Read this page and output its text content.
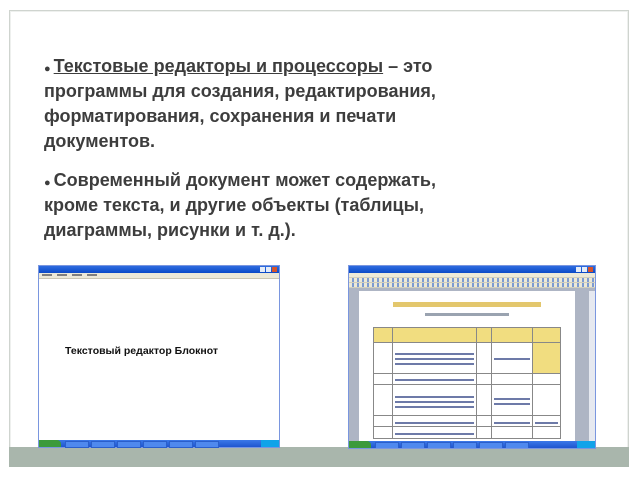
● Текстовые редакторы и процессоры – это
программы для создания, редактирования,
форматирования, сохранения и печати
документов.
● Современный документ может содержать,
кроме текста, и другие объекты (таблицы,
диаграммы, рисунки и т. д.).
Текстовый редактор Блокнот
